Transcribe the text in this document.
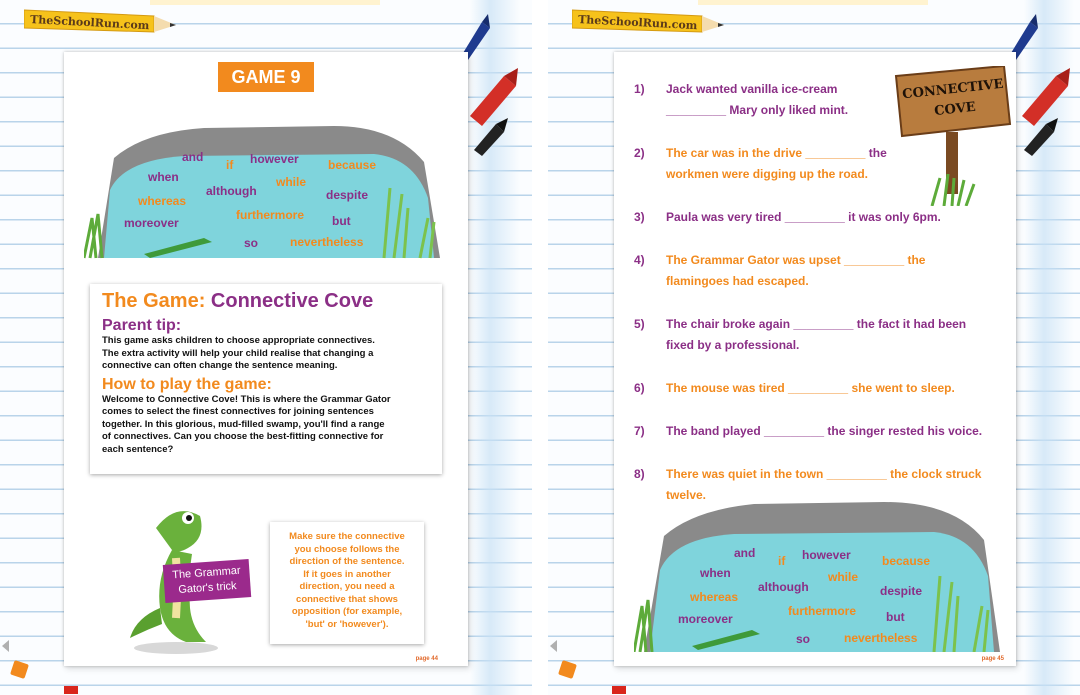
TheSchoolRun.com
GAME 9
and
if however because
when	while
although	despite
whereas
furthermore
moreover	but
so	nevertheless
The Game: Connective Cove
Parent tip:
This game asks children to choose appropriate connectives.
The extra activity will help your child realise that changing a
connective can often change the sentence meaning.
How to play the game:
Welcome to Connective Cove! This is where the Grammar Gator
comes to select the finest connectives for joining sentences
together. In this glorious, mud-filled swamp, you'll find a range
of connectives. Can you choose the best-fitting connective for
each sentence?
The Grammar
Gator's trick
Make sure the connective
you choose follows the
direction of the sentence.
If it goes in another
direction, you need a
connective that shows
opposition (for example,
'but' or 'however').
page 44
TheSchoolRun.com
CONNECTIVE
COVE
1) Jack wanted vanilla ice-cream
_________ Mary only liked mint.
2) The car was in the drive _________ the
workmen were digging up the road.
3) Paula was very tired _________ it was only 6pm.
4) The Grammar Gator was upset _________ the
flamingoes had escaped.
5) The chair broke again _________ the fact it had been
fixed by a professional.
6) The mouse was tired _________ she went to sleep.
7) The band played _________ the singer rested his voice.
8) There was quiet in the town _________ the clock struck
twelve.
and
if however	because
when	while
although	despite
whereas
furthermore
moreover	but
so	nevertheless
page 45
